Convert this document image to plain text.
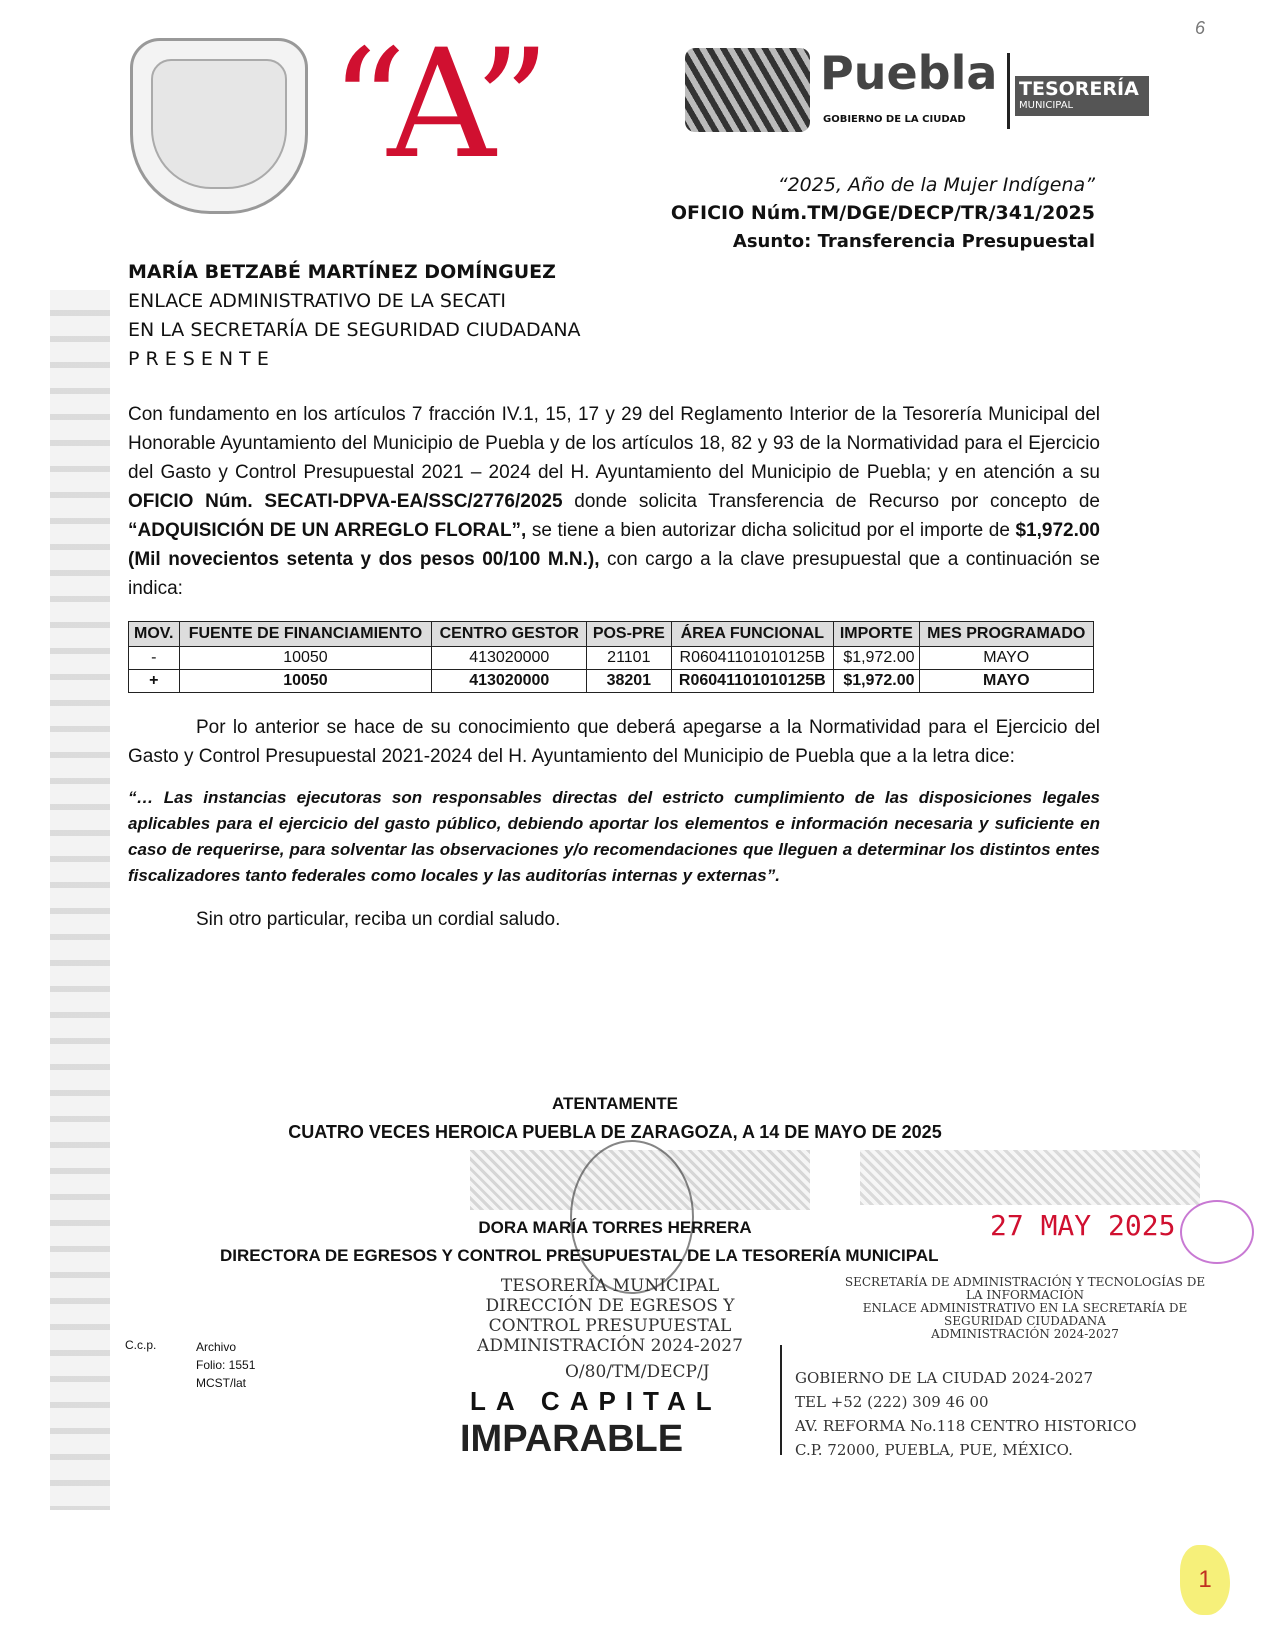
“A”	6
Puebla
GOBIERNO DE LA CIUDAD
TESORERÍA
MUNICIPAL
“2025, Año de la Mujer Indígena”
OFICIO Núm.TM/DGE/DECP/TR/341/2025
Asunto: Transferencia Presupuestal
MARÍA BETZABÉ MARTÍNEZ DOMÍNGUEZ
ENLACE ADMINISTRATIVO DE LA SECATI
EN LA SECRETARÍA DE SEGURIDAD CIUDADANA
P R E S E N T E

Con fundamento en los artículos 7 fracción IV.1, 15, 17 y 29 del Reglamento Interior de la Tesorería Municipal del Honorable Ayuntamiento del Municipio de Puebla y de los artículos 18, 82 y 93 de la Normatividad para el Ejercicio del Gasto y Control Presupuestal 2021 – 2024 del H. Ayuntamiento del Municipio de Puebla; y en atención a su OFICIO Núm. SECATI-DPVA-EA/SSC/2776/2025 donde solicita Transferencia de Recurso por concepto de “ADQUISICIÓN DE UN ARREGLO FLORAL”, se tiene a bien autorizar dicha solicitud por el importe de $1,972.00 (Mil novecientos setenta y dos pesos 00/100 M.N.), con cargo a la clave presupuestal que a continuación se indica:

MOV.	FUENTE DE FINANCIAMIENTO	CENTRO GESTOR	POS-PRE	ÁREA FUNCIONAL	IMPORTE	MES PROGRAMADO
-	10050	413020000	21101	R06041101010125B	$1,972.00	MAYO
+	10050	413020000	38201	R06041101010125B	$1,972.00	MAYO

Por lo anterior se hace de su conocimiento que deberá apegarse a la Normatividad para el Ejercicio del Gasto y Control Presupuestal 2021-2024 del H. Ayuntamiento del Municipio de Puebla que a la letra dice:

“… Las instancias ejecutoras son responsables directas del estricto cumplimiento de las disposiciones legales aplicables para el ejercicio del gasto público, debiendo aportar los elementos e información necesaria y suficiente en caso de requerirse, para solventar las observaciones y/o recomendaciones que lleguen a determinar los distintos entes fiscalizadores tanto federales como locales y las auditorías internas y externas”.

Sin otro particular, reciba un cordial saludo.

ATENTAMENTE
CUATRO VECES HEROICA PUEBLA DE ZARAGOZA, A 14 DE MAYO DE 2025
DORA MARÍA TORRES HERRERA
DIRECTORA DE EGRESOS Y CONTROL PRESUPUESTAL DE LA TESORERÍA MUNICIPAL
TESORERÍA MUNICIPAL
DIRECCIÓN DE EGRESOS Y
CONTROL PRESUPUESTAL
ADMINISTRACIÓN 2024-2027
C.c.p.	Archivo
Folio: 1551
MCST/lat
O/80/TM/DECP/J
LA CAPITAL
IMPARABLE
GOBIERNO DE LA CIUDAD 2024-2027
TEL +52 (222) 309 46 00
AV. REFORMA No.118 CENTRO HISTORICO
C.P. 72000, PUEBLA, PUE, MÉXICO.
27 MAY 2025
SECRETARÍA DE ADMINISTRACIÓN Y TECNOLOGÍAS DE LA INFORMACIÓN
ENLACE ADMINISTRATIVO EN LA SECRETARÍA DE
SEGURIDAD CIUDADANA
ADMINISTRACIÓN 2024-2027
1
